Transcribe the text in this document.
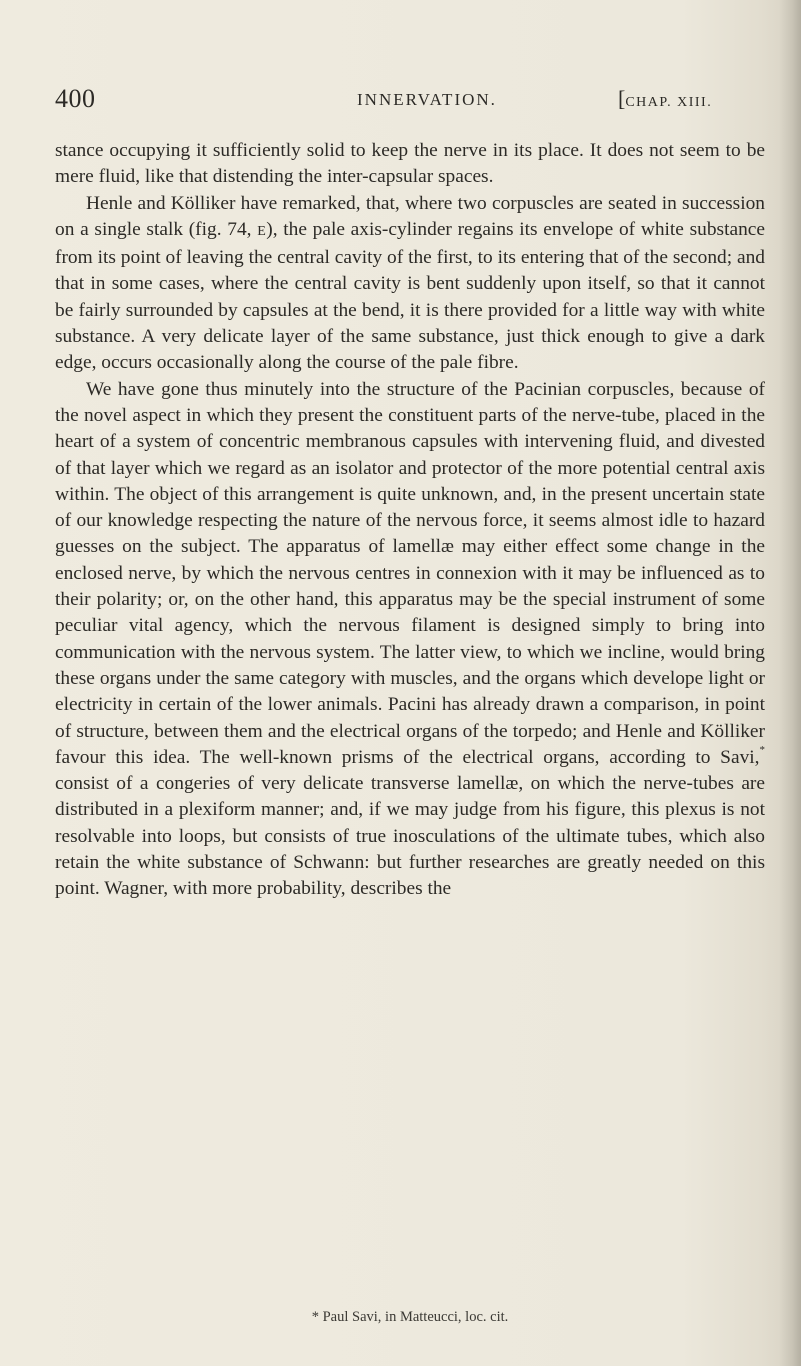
400	INNERVATION.	[CHAP. XIII.

stance occupying it sufficiently solid to keep the nerve in its place. It does not seem to be mere fluid, like that distending the inter-capsular spaces.

Henle and Kölliker have remarked, that, where two corpuscles are seated in succession on a single stalk (fig. 74, E), the pale axis-cylinder regains its envelope of white substance from its point of leaving the central cavity of the first, to its entering that of the second; and that in some cases, where the central cavity is bent suddenly upon itself, so that it cannot be fairly surrounded by capsules at the bend, it is there provided for a little way with white substance. A very delicate layer of the same substance, just thick enough to give a dark edge, occurs occasionally along the course of the pale fibre.

We have gone thus minutely into the structure of the Pacinian corpuscles, because of the novel aspect in which they present the constituent parts of the nerve-tube, placed in the heart of a system of concentric membranous capsules with intervening fluid, and divested of that layer which we regard as an isolator and protector of the more potential central axis within. The object of this arrangement is quite unknown, and, in the present uncertain state of our knowledge respecting the nature of the nervous force, it seems almost idle to hazard guesses on the subject. The apparatus of lamellæ may either effect some change in the enclosed nerve, by which the nervous centres in connexion with it may be influenced as to their polarity; or, on the other hand, this apparatus may be the special instrument of some peculiar vital agency, which the nervous filament is designed simply to bring into communication with the nervous system. The latter view, to which we incline, would bring these organs under the same category with muscles, and the organs which develope light or electricity in certain of the lower animals. Pacini has already drawn a comparison, in point of structure, between them and the electrical organs of the torpedo; and Henle and Kölliker favour this idea. The well-known prisms of the electrical organs, according to Savi,* consist of a congeries of very delicate transverse lamellæ, on which the nerve-tubes are distributed in a plexiform manner; and, if we may judge from his figure, this plexus is not resolvable into loops, but consists of true inosculations of the ultimate tubes, which also retain the white substance of Schwann: but further researches are greatly needed on this point. Wagner, with more probability, describes the

* Paul Savi, in Matteucci, loc. cit.
